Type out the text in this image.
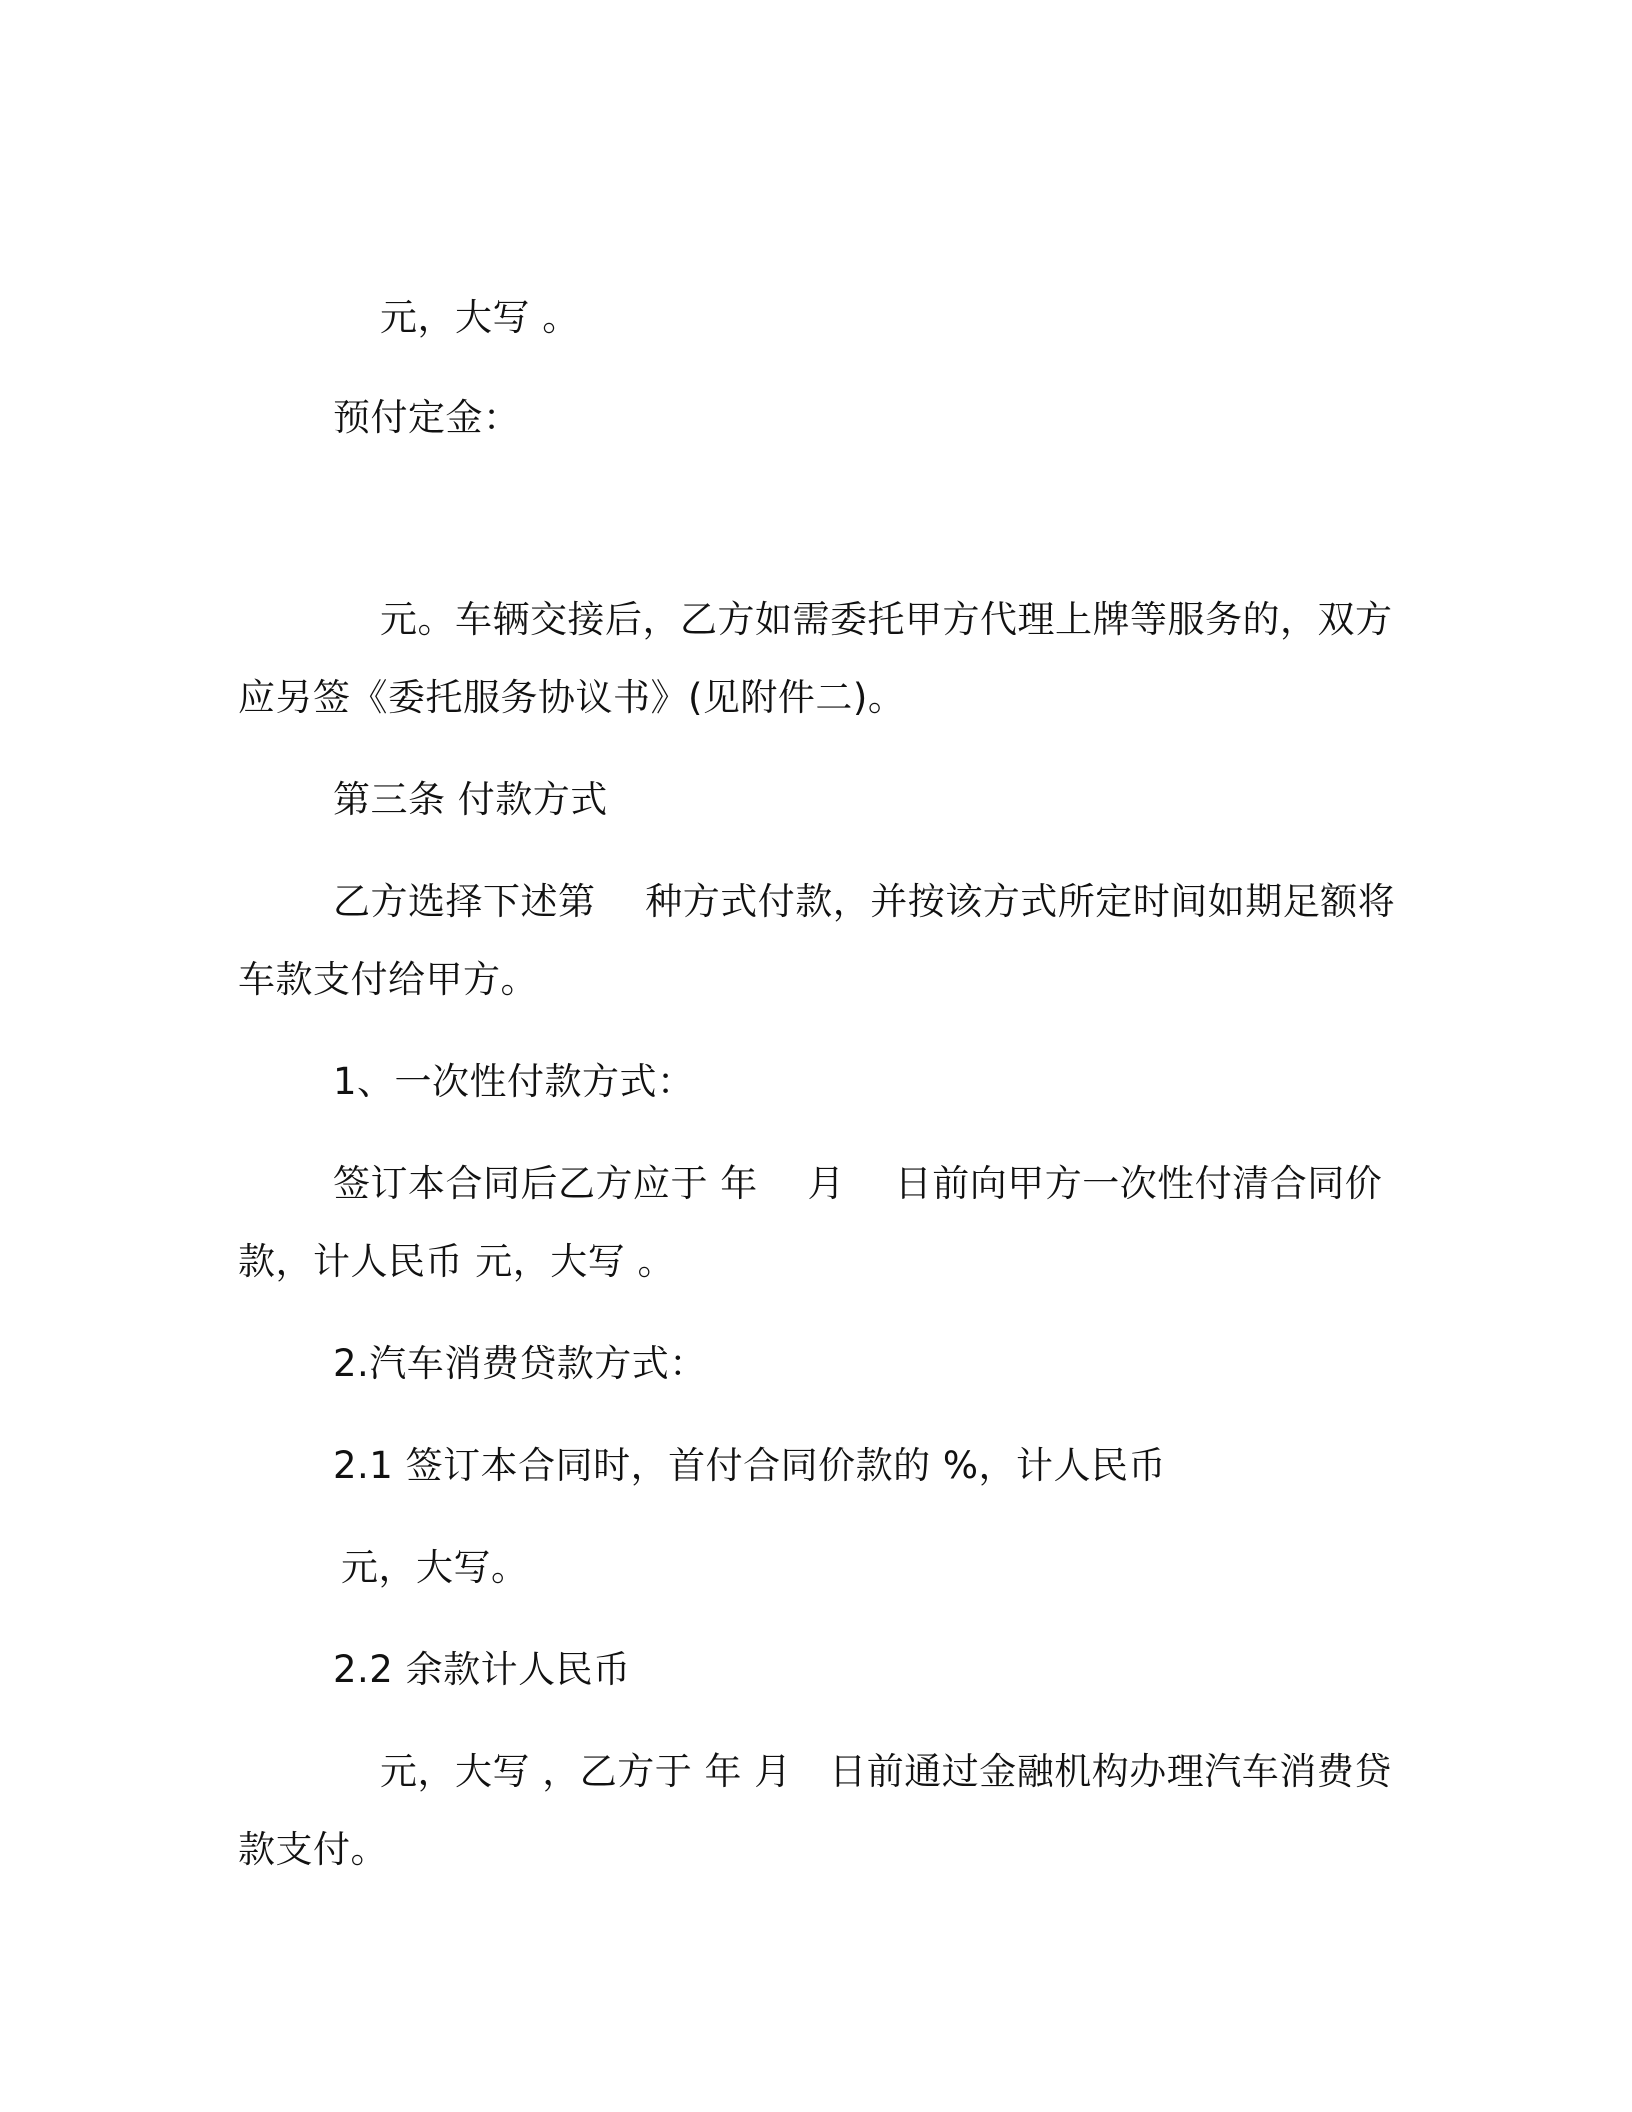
元，大写 。
预付定金：
元。车辆交接后，乙方如需委托甲方代理上牌等服务的，双方
应另签《委托服务协议书》(见附件二)。
第三条 付款方式
乙方选择下述第　 种方式付款，并按该方式所定时间如期足额将
车款支付给甲方。
1、一次性付款方式：
签订本合同后乙方应于 年　 月　 日前向甲方一次性付清合同价
款，计人民币 元，大写 。
2.汽车消费贷款方式：
2.1 签订本合同时，首付合同价款的 %，计人民币
元，大写。
2.2 余款计人民币
元，大写 ，乙方于 年 月　日前通过金融机构办理汽车消费贷
款支付。
